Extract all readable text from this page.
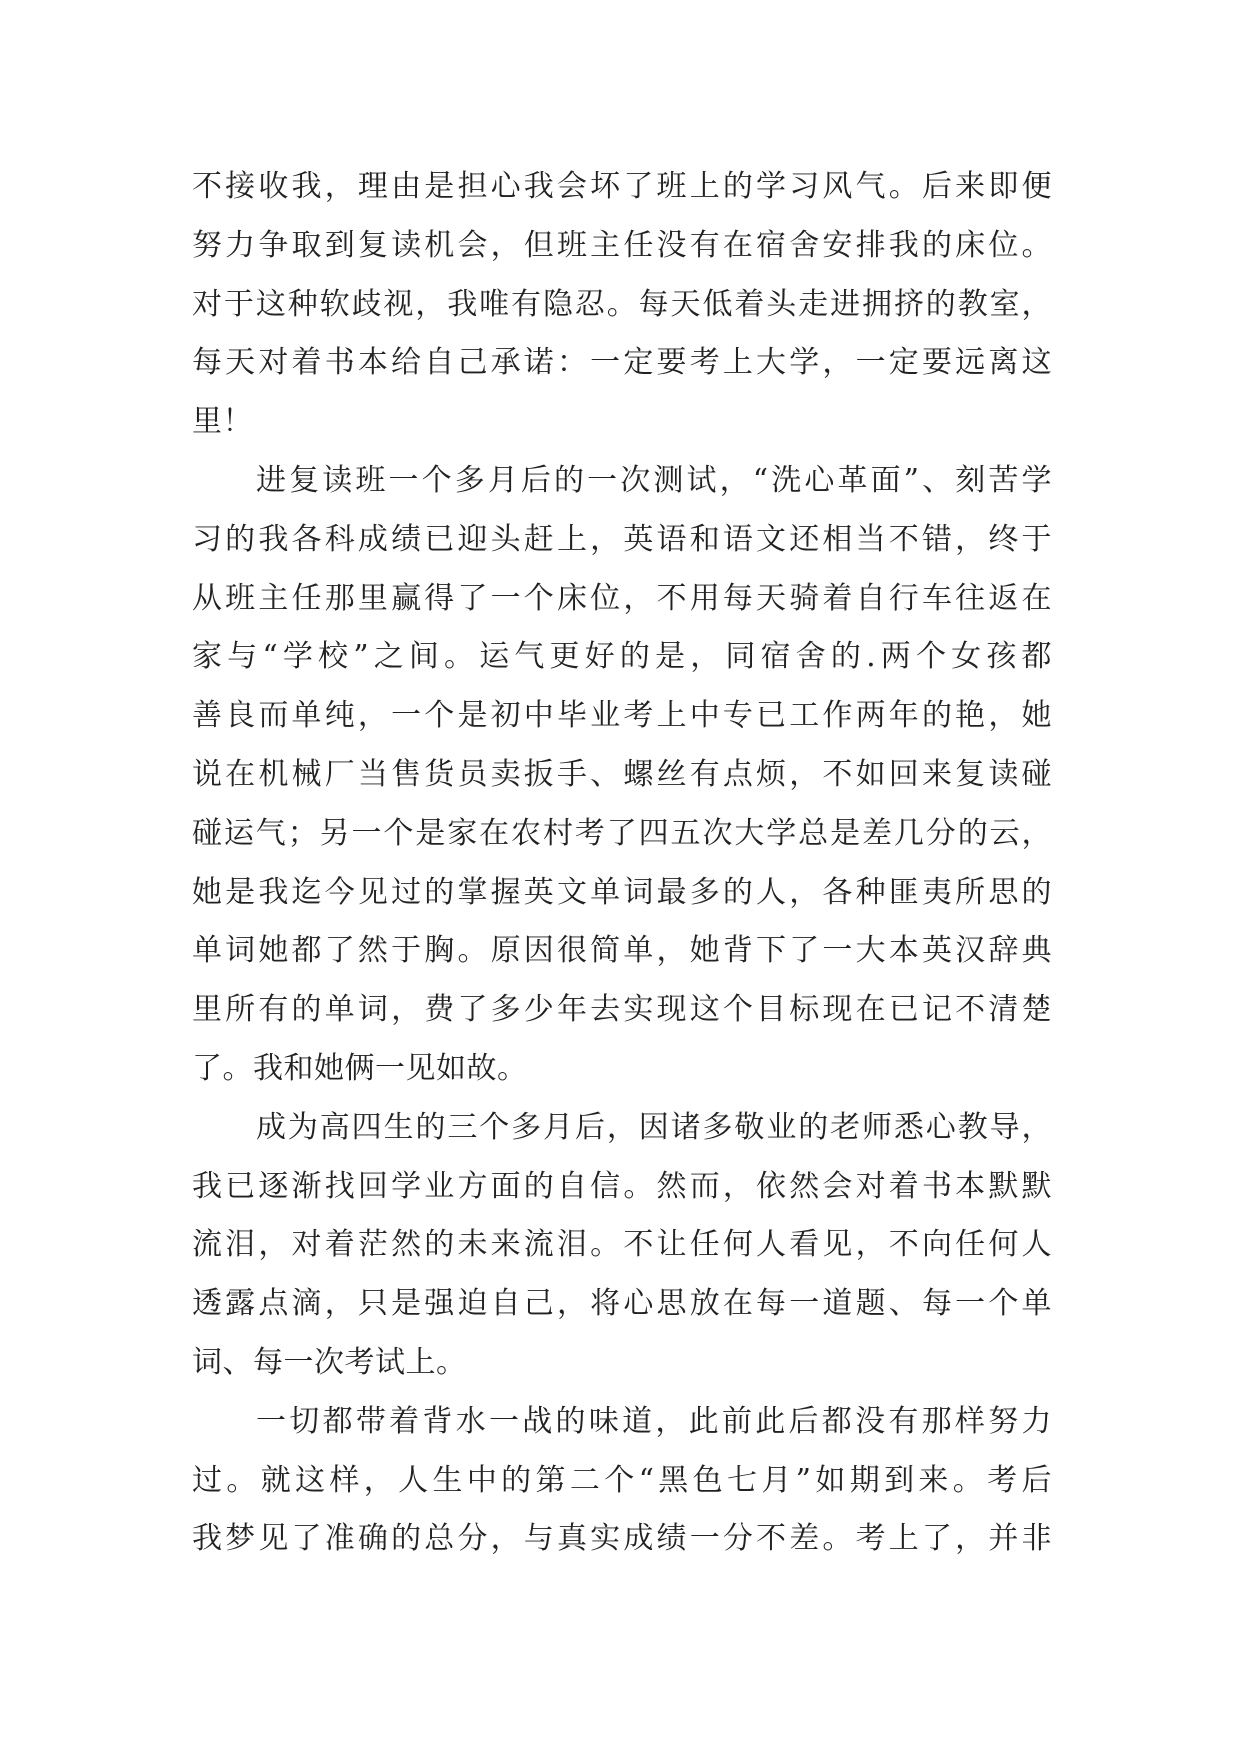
不接收我，理由是担心我会坏了班上的学习风气。后来即便
努力争取到复读机会，但班主任没有在宿舍安排我的床位。
对于这种软歧视，我唯有隐忍。每天低着头走进拥挤的教室，
每天对着书本给自己承诺：一定要考上大学，一定要远离这
里！
进复读班一个多月后的一次测试，“洗心革面”、刻苦学
习的我各科成绩已迎头赶上，英语和语文还相当不错，终于
从班主任那里赢得了一个床位，不用每天骑着自行车往返在
家与“学校”之间。运气更好的是，同宿舍的.两个女孩都
善良而单纯，一个是初中毕业考上中专已工作两年的艳，她
说在机械厂当售货员卖扳手、螺丝有点烦，不如回来复读碰
碰运气；另一个是家在农村考了四五次大学总是差几分的云，
她是我迄今见过的掌握英文单词最多的人，各种匪夷所思的
单词她都了然于胸。原因很简单，她背下了一大本英汉辞典
里所有的单词，费了多少年去实现这个目标现在已记不清楚
了。我和她俩一见如故。
成为高四生的三个多月后，因诸多敬业的老师悉心教导，
我已逐渐找回学业方面的自信。然而，依然会对着书本默默
流泪，对着茫然的未来流泪。不让任何人看见，不向任何人
透露点滴，只是强迫自己，将心思放在每一道题、每一个单
词、每一次考试上。
一切都带着背水一战的味道，此前此后都没有那样努力
过。就这样，人生中的第二个“黑色七月”如期到来。考后
我梦见了准确的总分，与真实成绩一分不差。考上了，并非
